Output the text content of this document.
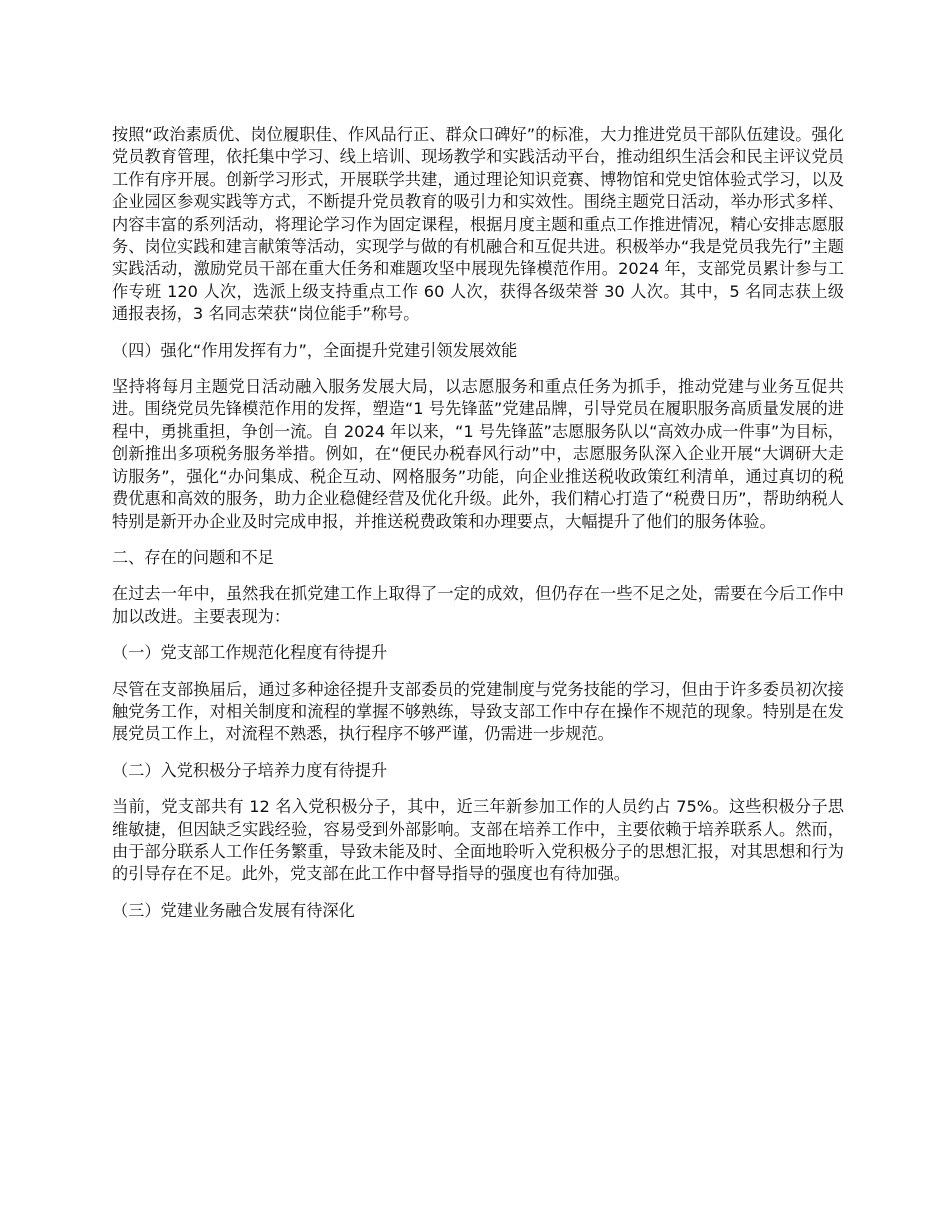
按照“政治素质优、岗位履职佳、作风品行正、群众口碑好”的标准，大力推进党员干部队伍建设。强化党员教育管理，依托集中学习、线上培训、现场教学和实践活动平台，推动组织生活会和民主评议党员工作有序开展。创新学习形式，开展联学共建，通过理论知识竞赛、博物馆和党史馆体验式学习，以及企业园区参观实践等方式，不断提升党员教育的吸引力和实效性。围绕主题党日活动，举办形式多样、内容丰富的系列活动，将理论学习作为固定课程，根据月度主题和重点工作推进情况，精心安排志愿服务、岗位实践和建言献策等活动，实现学与做的有机融合和互促共进。积极举办“我是党员我先行”主题实践活动，激励党员干部在重大任务和难题攻坚中展现先锋模范作用。2024 年，支部党员累计参与工作专班 120 人次，选派上级支持重点工作 60 人次，获得各级荣誉 30 人次。其中，5 名同志获上级通报表扬，3 名同志荣获“岗位能手”称号。

（四）强化“作用发挥有力”，全面提升党建引领发展效能

坚持将每月主题党日活动融入服务发展大局，以志愿服务和重点任务为抓手，推动党建与业务互促共进。围绕党员先锋模范作用的发挥，塑造“1 号先锋蓝”党建品牌，引导党员在履职服务高质量发展的进程中，勇挑重担，争创一流。自 2024 年以来，“1 号先锋蓝”志愿服务队以“高效办成一件事”为目标，创新推出多项税务服务举措。例如，在“便民办税春风行动”中，志愿服务队深入企业开展“大调研大走访服务”，强化“办问集成、税企互动、网格服务”功能，向企业推送税收政策红利清单，通过真切的税费优惠和高效的服务，助力企业稳健经营及优化升级。此外，我们精心打造了“税费日历”，帮助纳税人特别是新开办企业及时完成申报，并推送税费政策和办理要点，大幅提升了他们的服务体验。

二、存在的问题和不足

在过去一年中，虽然我在抓党建工作上取得了一定的成效，但仍存在一些不足之处，需要在今后工作中加以改进。主要表现为：

（一）党支部工作规范化程度有待提升

尽管在支部换届后，通过多种途径提升支部委员的党建制度与党务技能的学习，但由于许多委员初次接触党务工作，对相关制度和流程的掌握不够熟练，导致支部工作中存在操作不规范的现象。特别是在发展党员工作上，对流程不熟悉，执行程序不够严谨，仍需进一步规范。

（二）入党积极分子培养力度有待提升

当前，党支部共有 12 名入党积极分子，其中，近三年新参加工作的人员约占 75%。这些积极分子思维敏捷，但因缺乏实践经验，容易受到外部影响。支部在培养工作中，主要依赖于培养联系人。然而，由于部分联系人工作任务繁重，导致未能及时、全面地聆听入党积极分子的思想汇报，对其思想和行为的引导存在不足。此外，党支部在此工作中督导指导的强度也有待加强。

（三）党建业务融合发展有待深化
